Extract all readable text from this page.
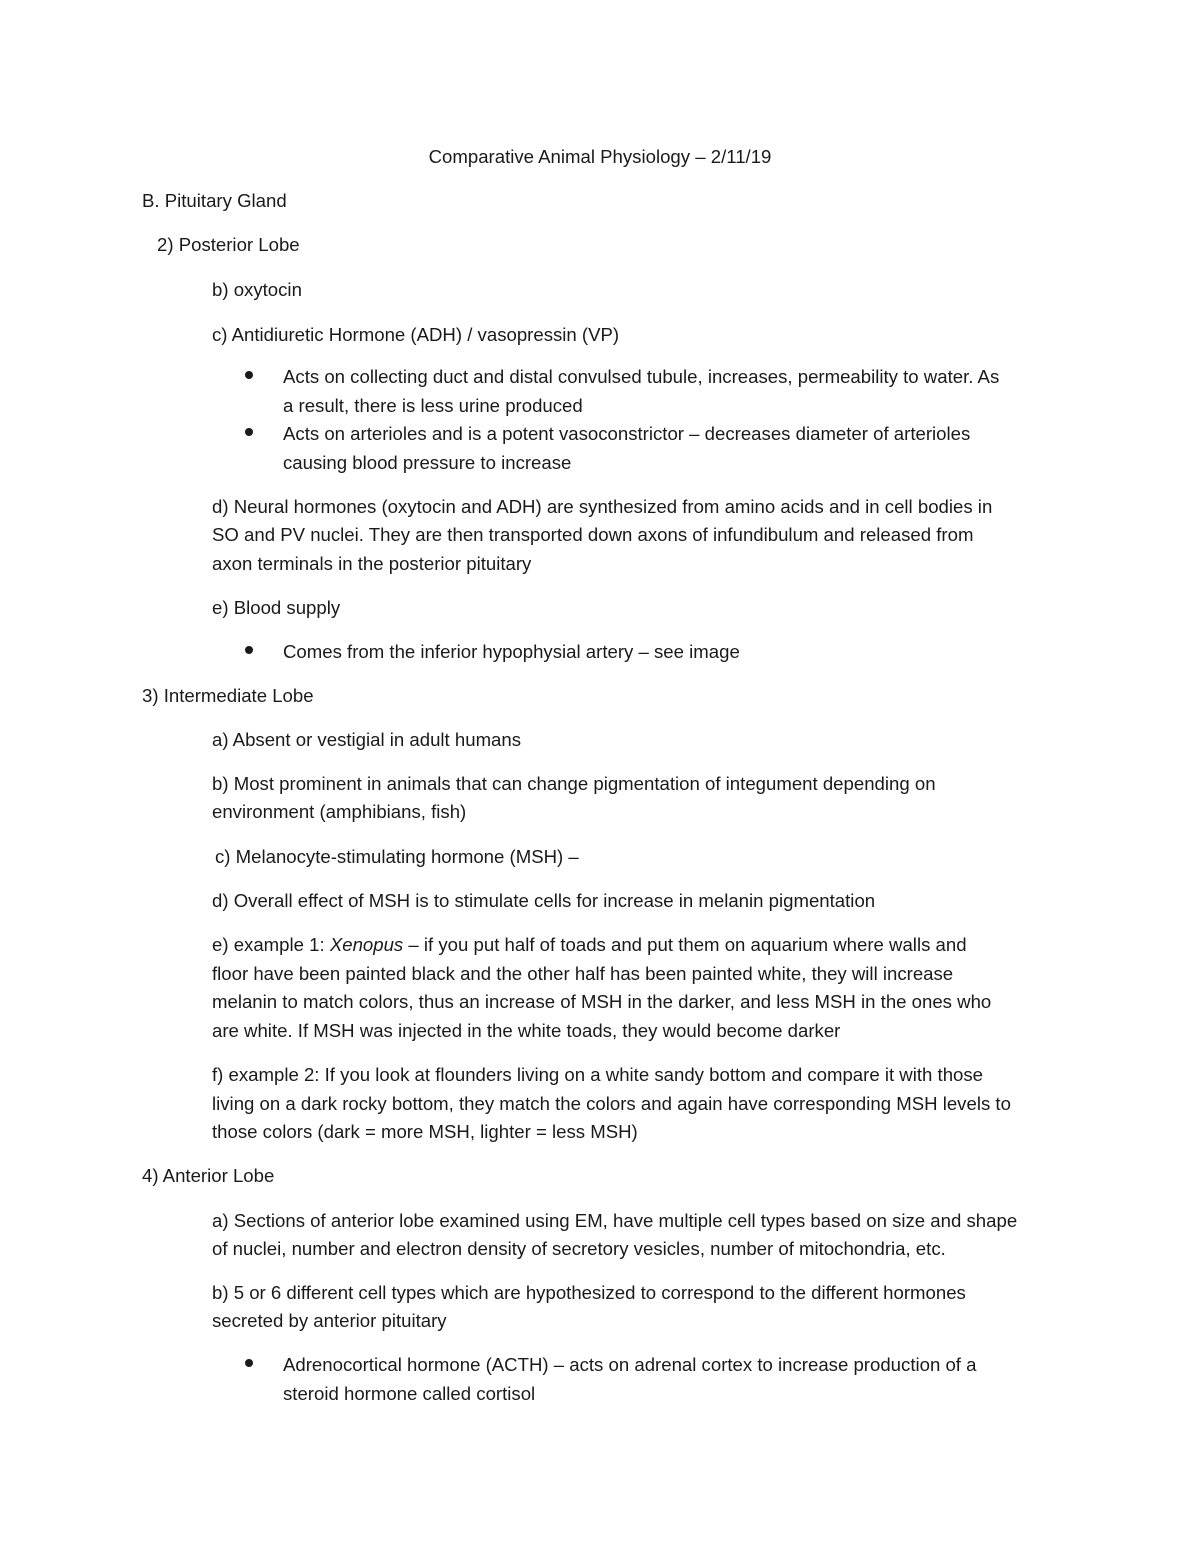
Comparative Animal Physiology – 2/11/19

B. Pituitary Gland

2) Posterior Lobe

b) oxytocin

c) Antidiuretic Hormone (ADH) / vasopressin (VP)

Acts on collecting duct and distal convulsed tubule, increases, permeability to water. As

a result, there is less urine produced

Acts on arterioles and is a potent vasoconstrictor – decreases diameter of arterioles

causing blood pressure to increase

d) Neural hormones (oxytocin and ADH) are synthesized from amino acids and in cell bodies in

SO and PV nuclei. They are then transported down axons of infundibulum and released from

axon terminals in the posterior pituitary

e) Blood supply

Comes from the inferior hypophysial artery – see image

3) Intermediate Lobe

a) Absent or vestigial in adult humans

b) Most prominent in animals that can change pigmentation of integument depending on

environment (amphibians, fish)

c) Melanocyte-stimulating hormone (MSH) –

d) Overall effect of MSH is to stimulate cells for increase in melanin pigmentation

e) example 1: Xenopus – if you put half of toads and put them on aquarium where walls and

floor have been painted black and the other half has been painted white, they will increase

melanin to match colors, thus an increase of MSH in the darker, and less MSH in the ones who

are white. If MSH was injected in the white toads, they would become darker

f) example 2: If you look at flounders living on a white sandy bottom and compare it with those

living on a dark rocky bottom, they match the colors and again have corresponding MSH levels to

those colors (dark = more MSH, lighter = less MSH)

4) Anterior Lobe

a) Sections of anterior lobe examined using EM, have multiple cell types based on size and shape

of nuclei, number and electron density of secretory vesicles, number of mitochondria, etc.

b) 5 or 6 different cell types which are hypothesized to correspond to the different hormones

secreted by anterior pituitary

Adrenocortical hormone (ACTH) – acts on adrenal cortex to increase production of a

steroid hormone called cortisol
